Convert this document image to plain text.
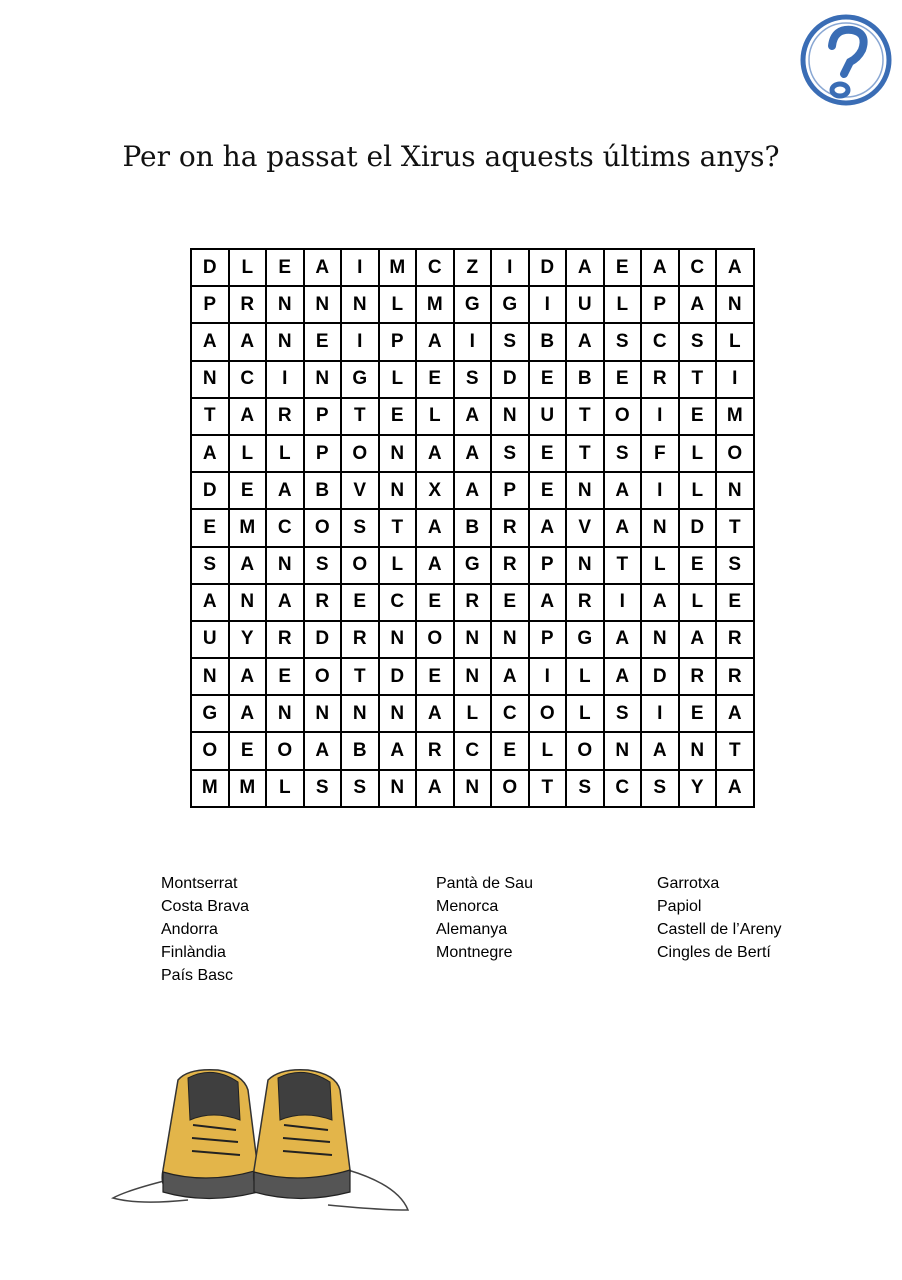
Per on ha passat el Xirus aquests últims anys?
D	L	E	A	I	M	C	Z	I	D	A	E	A	C	A
P	R	N	N	N	L	M	G	G	I	U	L	P	A	N
A	A	N	E	I	P	A	I	S	B	A	S	C	S	L
N	C	I	N	G	L	E	S	D	E	B	E	R	T	I
T	A	R	P	T	E	L	A	N	U	T	O	I	E	M
A	L	L	P	O	N	A	A	S	E	T	S	F	L	O
D	E	A	B	V	N	X	A	P	E	N	A	I	L	N
E	M	C	O	S	T	A	B	R	A	V	A	N	D	T
S	A	N	S	O	L	A	G	R	P	N	T	L	E	S
A	N	A	R	E	C	E	R	E	A	R	I	A	L	E
U	Y	R	D	R	N	O	N	N	P	G	A	N	A	R
N	A	E	O	T	D	E	N	A	I	L	A	D	R	R
G	A	N	N	N	N	A	L	C	O	L	S	I	E	A
O	E	O	A	B	A	R	C	E	L	O	N	A	N	T
M	M	L	S	S	N	A	N	O	T	S	C	S	Y	A
Montserrat
Costa Brava
Andorra
Finlàndia
País Basc
Pantà de Sau
Menorca
Alemanya
Montnegre
Garrotxa
Papiol
Castell de l’Areny
Cingles de Bertí
